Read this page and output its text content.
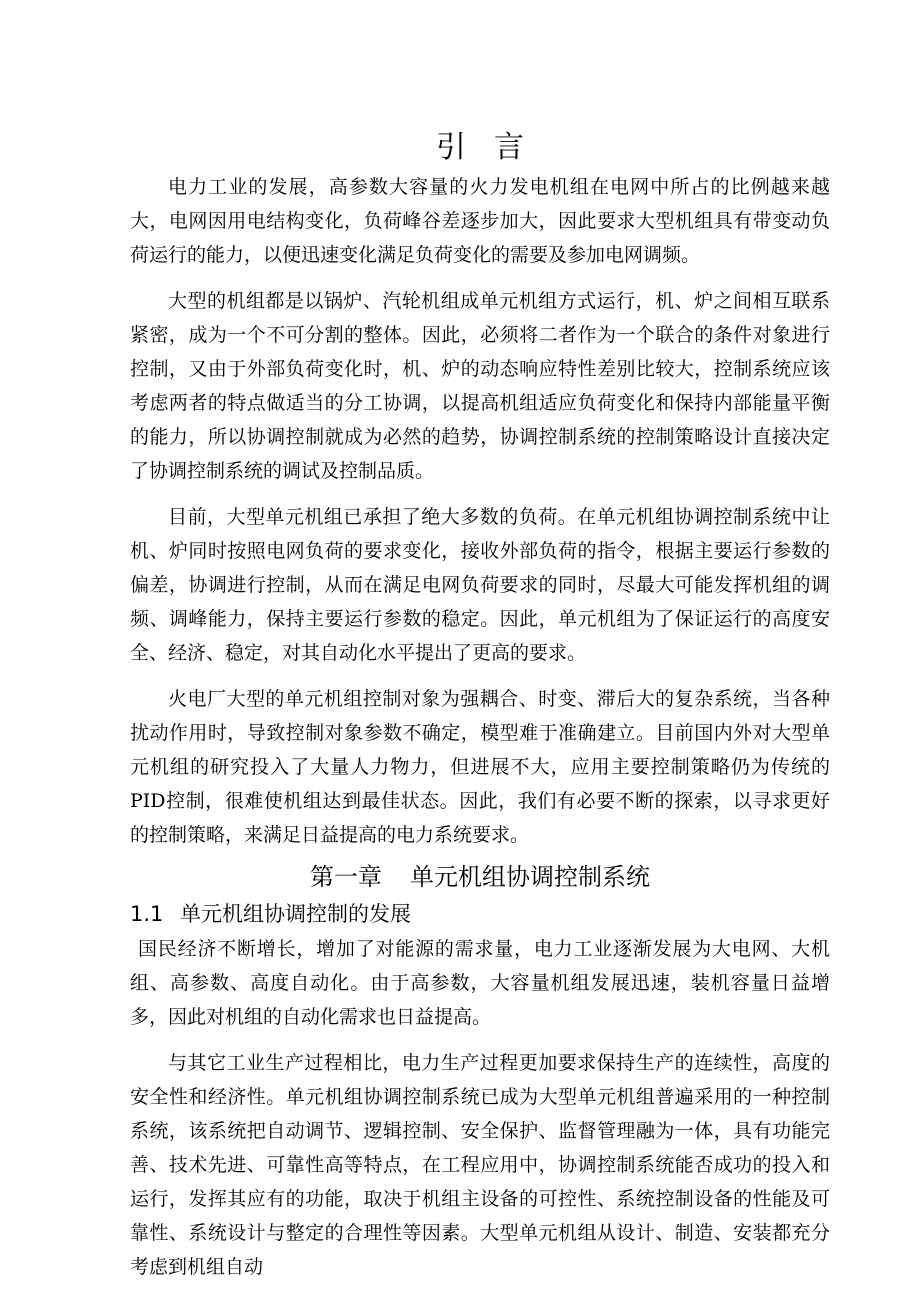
引言

电力工业的发展，高参数大容量的火力发电机组在电网中所占的比例越来越大，电网因用电结构变化，负荷峰谷差逐步加大，因此要求大型机组具有带变动负荷运行的能力，以便迅速变化满足负荷变化的需要及参加电网调频。

大型的机组都是以锅炉、汽轮机组成单元机组方式运行，机、炉之间相互联系紧密，成为一个不可分割的整体。因此，必须将二者作为一个联合的条件对象进行控制，又由于外部负荷变化时，机、炉的动态响应特性差别比较大，控制系统应该考虑两者的特点做适当的分工协调，以提高机组适应负荷变化和保持内部能量平衡的能力，所以协调控制就成为必然的趋势，协调控制系统的控制策略设计直接决定了协调控制系统的调试及控制品质。

目前，大型单元机组已承担了绝大多数的负荷。在单元机组协调控制系统中让机、炉同时按照电网负荷的要求变化，接收外部负荷的指令，根据主要运行参数的偏差，协调进行控制，从而在满足电网负荷要求的同时，尽最大可能发挥机组的调频、调峰能力，保持主要运行参数的稳定。因此，单元机组为了保证运行的高度安全、经济、稳定，对其自动化水平提出了更高的要求。

火电厂大型的单元机组控制对象为强耦合、时变、滞后大的复杂系统，当各种扰动作用时，导致控制对象参数不确定，模型难于准确建立。目前国内外对大型单元机组的研究投入了大量人力物力，但进展不大，应用主要控制策略仍为传统的PID控制，很难使机组达到最佳状态。因此，我们有必要不断的探索，以寻求更好的控制策略，来满足日益提高的电力系统要求。

第一章 单元机组协调控制系统
1.1 单元机组协调控制的发展

国民经济不断增长，增加了对能源的需求量，电力工业逐渐发展为大电网、大机组、高参数、高度自动化。由于高参数，大容量机组发展迅速，装机容量日益增多，因此对机组的自动化需求也日益提高。

与其它工业生产过程相比，电力生产过程更加要求保持生产的连续性，高度的安全性和经济性。单元机组协调控制系统已成为大型单元机组普遍采用的一种控制系统，该系统把自动调节、逻辑控制、安全保护、监督管理融为一体，具有功能完善、技术先进、可靠性高等特点，在工程应用中，协调控制系统能否成功的投入和运行，发挥其应有的功能，取决于机组主设备的可控性、系统控制设备的性能及可靠性、系统设计与整定的合理性等因素。大型单元机组从设计、制造、安装都充分考虑到机组自动
